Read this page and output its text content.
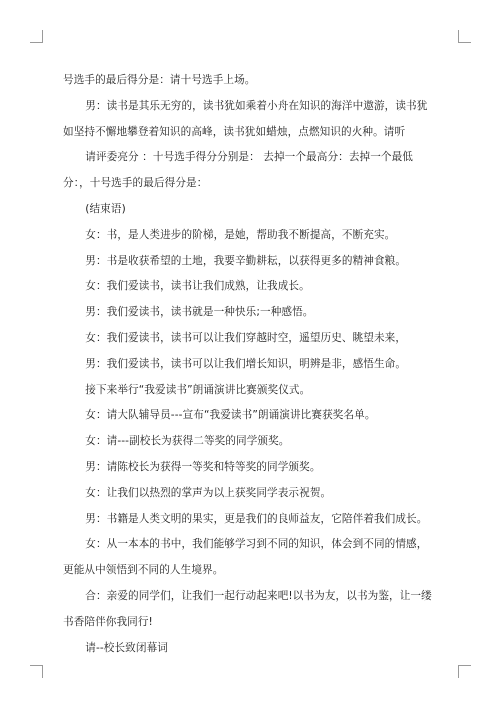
号选手的最后得分是：请十号选手上场。

男：读书是其乐无穷的，读书犹如乘着小舟在知识的海洋中遨游，读书犹如坚持不懈地攀登着知识的高峰，读书犹如蜡烛，点燃知识的火种。请听

请评委亮分 ：十号选手得分分别是： 去掉一个最高分：去掉一个最低分：，十号选手的最后得分是：

(结束语)

女：书，是人类进步的阶梯，是她，帮助我不断提高，不断充实。

男：书是收获希望的土地，我要辛勤耕耘，以获得更多的精神食粮。

女：我们爱读书，读书让我们成熟，让我成长。

男：我们爱读书，读书就是一种快乐;一种感悟。

女：我们爱读书，读书可以让我们穿越时空，遥望历史、眺望未来，

男：我们爱读书，读书可以让我们增长知识，明辨是非，感悟生命。

接下来举行“我爱读书”朗诵演讲比赛颁奖仪式。

女：请大队辅导员---宣布“我爱读书”朗诵演讲比赛获奖名单。

女：请---副校长为获得二等奖的同学颁奖。

男：请陈校长为获得一等奖和特等奖的同学颁奖。

女：让我们以热烈的掌声为以上获奖同学表示祝贺。

男：书籍是人类文明的果实，更是我们的良师益友，它陪伴着我们成长。

女：从一本本的书中，我们能够学习到不同的知识，体会到不同的情感，更能从中领悟到不同的人生境界。

合：亲爱的同学们，让我们一起行动起来吧!以书为友，以书为鉴，让一缕书香陪伴你我同行!

请--校长致闭幕词
